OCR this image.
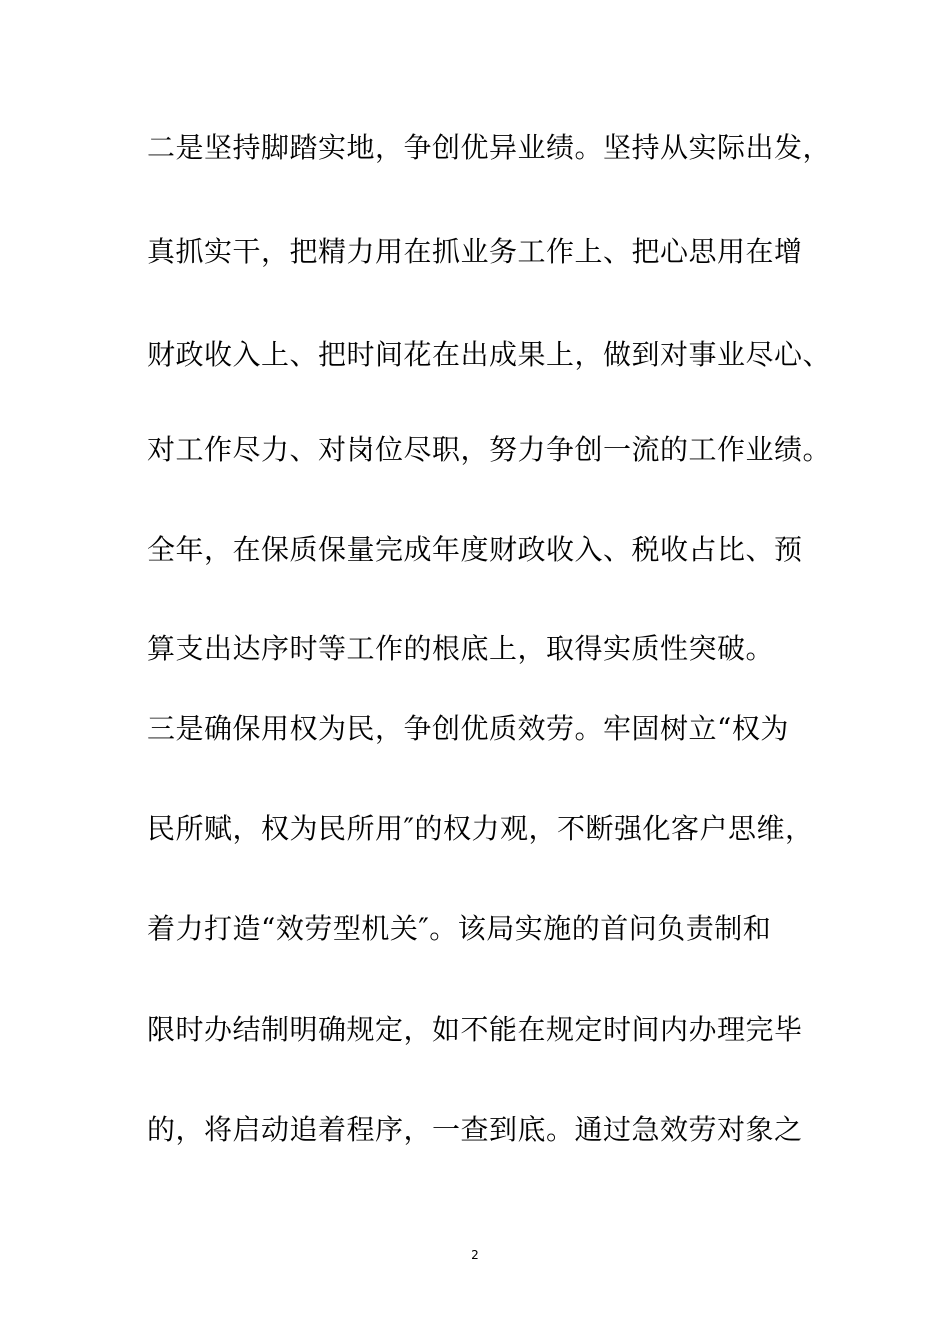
二是坚持脚踏实地，争创优异业绩。坚持从实际出发，
真抓实干，把精力用在抓业务工作上、把心思用在增
财政收入上、把时间花在出成果上，做到对事业尽心、
对工作尽力、对岗位尽职，努力争创一流的工作业绩。
全年，在保质保量完成年度财政收入、税收占比、预
算支出达序时等工作的根底上，取得实质性突破。
三是确保用权为民，争创优质效劳。牢固树立“权为
民所赋，权为民所用″的权力观，不断强化客户思维，
着力打造“效劳型机关″。该局实施的首问负责制和
限时办结制明确规定，如不能在规定时间内办理完毕
的，将启动追着程序，一查到底。通过急效劳对象之
2
